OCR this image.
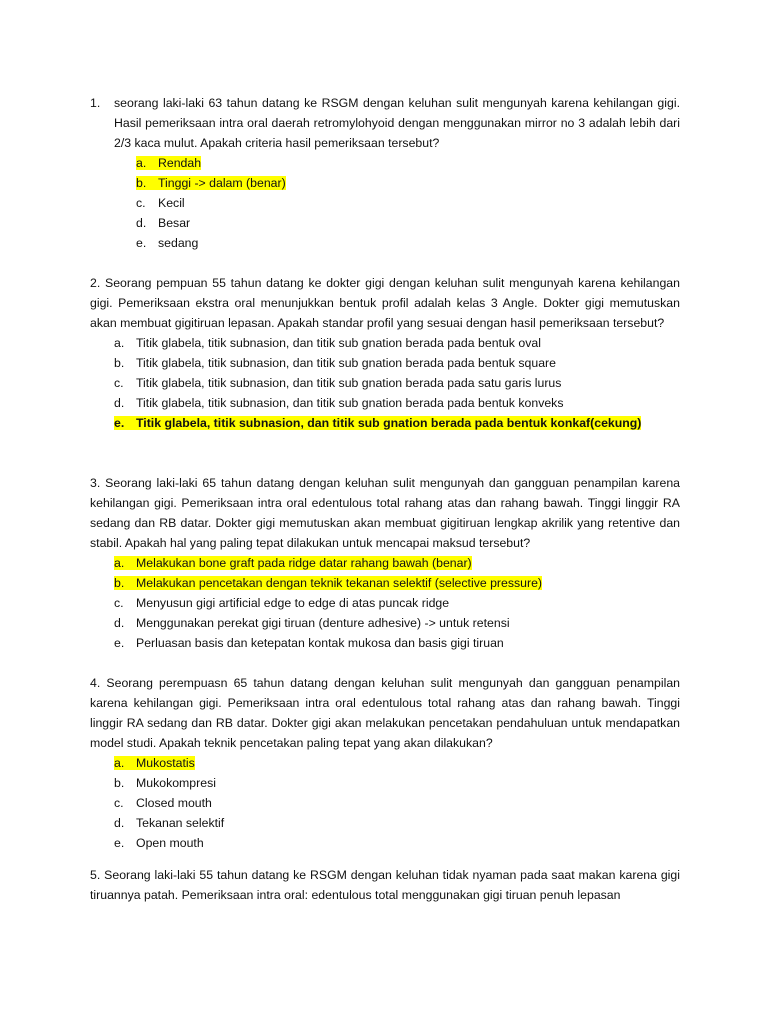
1. seorang laki-laki 63 tahun datang ke RSGM dengan keluhan sulit mengunyah karena kehilangan gigi. Hasil pemeriksaan intra oral daerah retromylohyoid dengan menggunakan mirror no 3 adalah lebih dari 2/3 kaca mulut. Apakah criteria hasil pemeriksaan tersebut?

a. Rendah
b. Tinggi -> dalam (benar)
c. Kecil
d. Besar
e. sedang

2. Seorang pempuan 55 tahun datang ke dokter gigi dengan keluhan sulit mengunyah karena kehilangan gigi. Pemeriksaan ekstra oral menunjukkan bentuk profil adalah kelas 3 Angle. Dokter gigi memutuskan akan membuat gigitiruan lepasan. Apakah standar profil yang sesuai dengan hasil pemeriksaan tersebut?

a. Titik glabela, titik subnasion, dan titik sub gnation berada pada bentuk oval
b. Titik glabela, titik subnasion, dan titik sub gnation berada pada bentuk square
c. Titik glabela, titik subnasion, dan titik sub gnation berada pada satu garis lurus
d. Titik glabela, titik subnasion, dan titik sub gnation berada pada bentuk konveks
e. Titik glabela, titik subnasion, dan titik sub gnation berada pada bentuk konkaf(cekung)

3. Seorang laki-laki 65 tahun datang dengan keluhan sulit mengunyah dan gangguan penampilan karena kehilangan gigi. Pemeriksaan intra oral edentulous total rahang atas dan rahang bawah. Tinggi linggir RA sedang dan RB datar. Dokter gigi memutuskan akan membuat gigitiruan lengkap akrilik yang retentive dan stabil. Apakah hal yang paling tepat dilakukan untuk mencapai maksud tersebut?

a. Melakukan bone graft pada ridge datar rahang bawah (benar)
b. Melakukan pencetakan dengan teknik tekanan selektif (selective pressure)
c. Menyusun gigi artificial edge to edge di atas puncak ridge
d. Menggunakan perekat gigi tiruan (denture adhesive) -> untuk retensi
e. Perluasan basis dan ketepatan kontak mukosa dan basis gigi tiruan

4. Seorang perempuasn 65 tahun datang dengan keluhan sulit mengunyah dan gangguan penampilan karena kehilangan gigi. Pemeriksaan intra oral edentulous total rahang atas dan rahang bawah. Tinggi linggir RA sedang dan RB datar. Dokter gigi akan melakukan pencetakan pendahuluan untuk mendapatkan model studi. Apakah teknik pencetakan paling tepat yang akan dilakukan?

a. Mukostatis
b. Mukokompresi
c. Closed mouth
d. Tekanan selektif
e. Open mouth

5. Seorang laki-laki 55 tahun datang ke RSGM dengan keluhan tidak nyaman pada saat makan karena gigi tiruannya patah. Pemeriksaan intra oral: edentulous total menggunakan gigi tiruan penuh lepasan
